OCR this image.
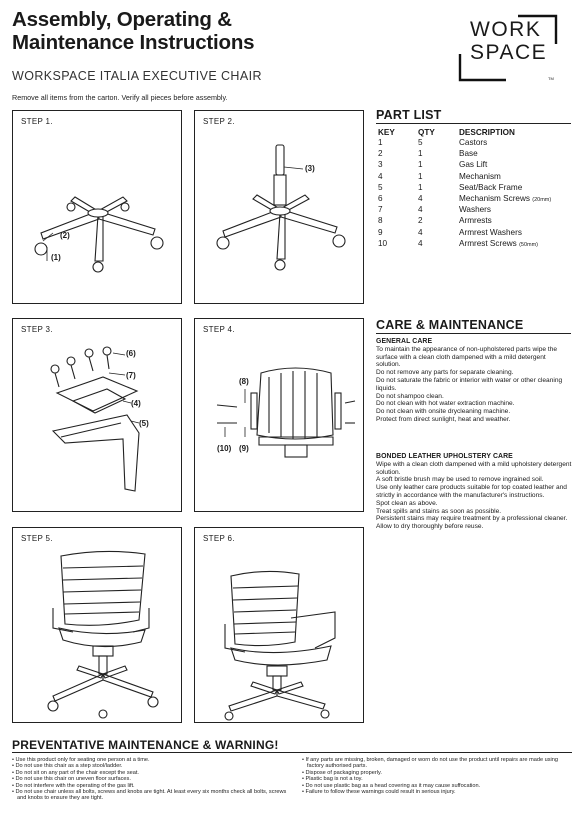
Assembly, Operating &
Maintenance Instructions
WORKSPACE ITALIA EXECUTIVE CHAIR
Remove all items from the carton. Verify all pieces before assembly.
WORK
SPACE
TM
STEP 1.
(2)
(1)
STEP 2.
(3)
STEP 3.
(6)
(7)
(4)
(5)
STEP 4.
(8)
(10) (9)
STEP 5.	STEP 6.
PART LIST
KEY	QTY	DESCRIPTION
1	5	Castors
2	1	Base
3	1	Gas Lift
4	1	Mechanism
5	1	Seat/Back Frame
6	4	Mechanism Screws (20mm)
7	4	Washers
8	2	Armrests
9	4	Armrest Washers
10	4	Armrest Screws (50mm)
CARE & MAINTENANCE
GENERAL CARE

To maintain the appearance of non-upholstered parts wipe the surface with a clean cloth dampened with a mild detergent solution.

Do not remove any parts for separate cleaning.

Do not saturate the fabric or interior with water or other cleaning liquids.

Do not shampoo clean.

Do not clean with hot water extraction machine.

Do not clean with onsite drycleaning machine.

Protect from direct sunlight, heat and weather.

BONDED LEATHER UPHOLSTERY CARE

Wipe with a clean cloth dampened with a mild upholstery detergent solution.

A soft bristle brush may be used to remove ingrained soil.

Use only leather care products suitable for top coated leather and strictly in accordance with the manufacturer's instructions.

Spot clean as above.

Treat spills and stains as soon as possible.

Persistent stains may require treatment by a professional cleaner.

Allow to dry thoroughly before reuse.

PREVENTATIVE MAINTENANCE & WARNING!
• Use this product only for seating one person at a time.
• Do not use this chair as a step stool/ladder.
• Do not sit on any part of the chair except the seat.
• Do not use this chair on uneven floor surfaces.
• Do not interfere with the operating of the gas lift.
• Do not use chair unless all bolts, screws and knobs are tight. At least every six months check all bolts, screws and knobs to ensure they are tight.
• If any parts are missing, broken, damaged or worn do not use the product until repairs are made using factory authorised parts.
• Dispose of packaging properly.
• Plastic bag is not a toy.
• Do not use plastic bag as a head covering as it may cause suffocation.
• Failure to follow these warnings could result in serious injury.
